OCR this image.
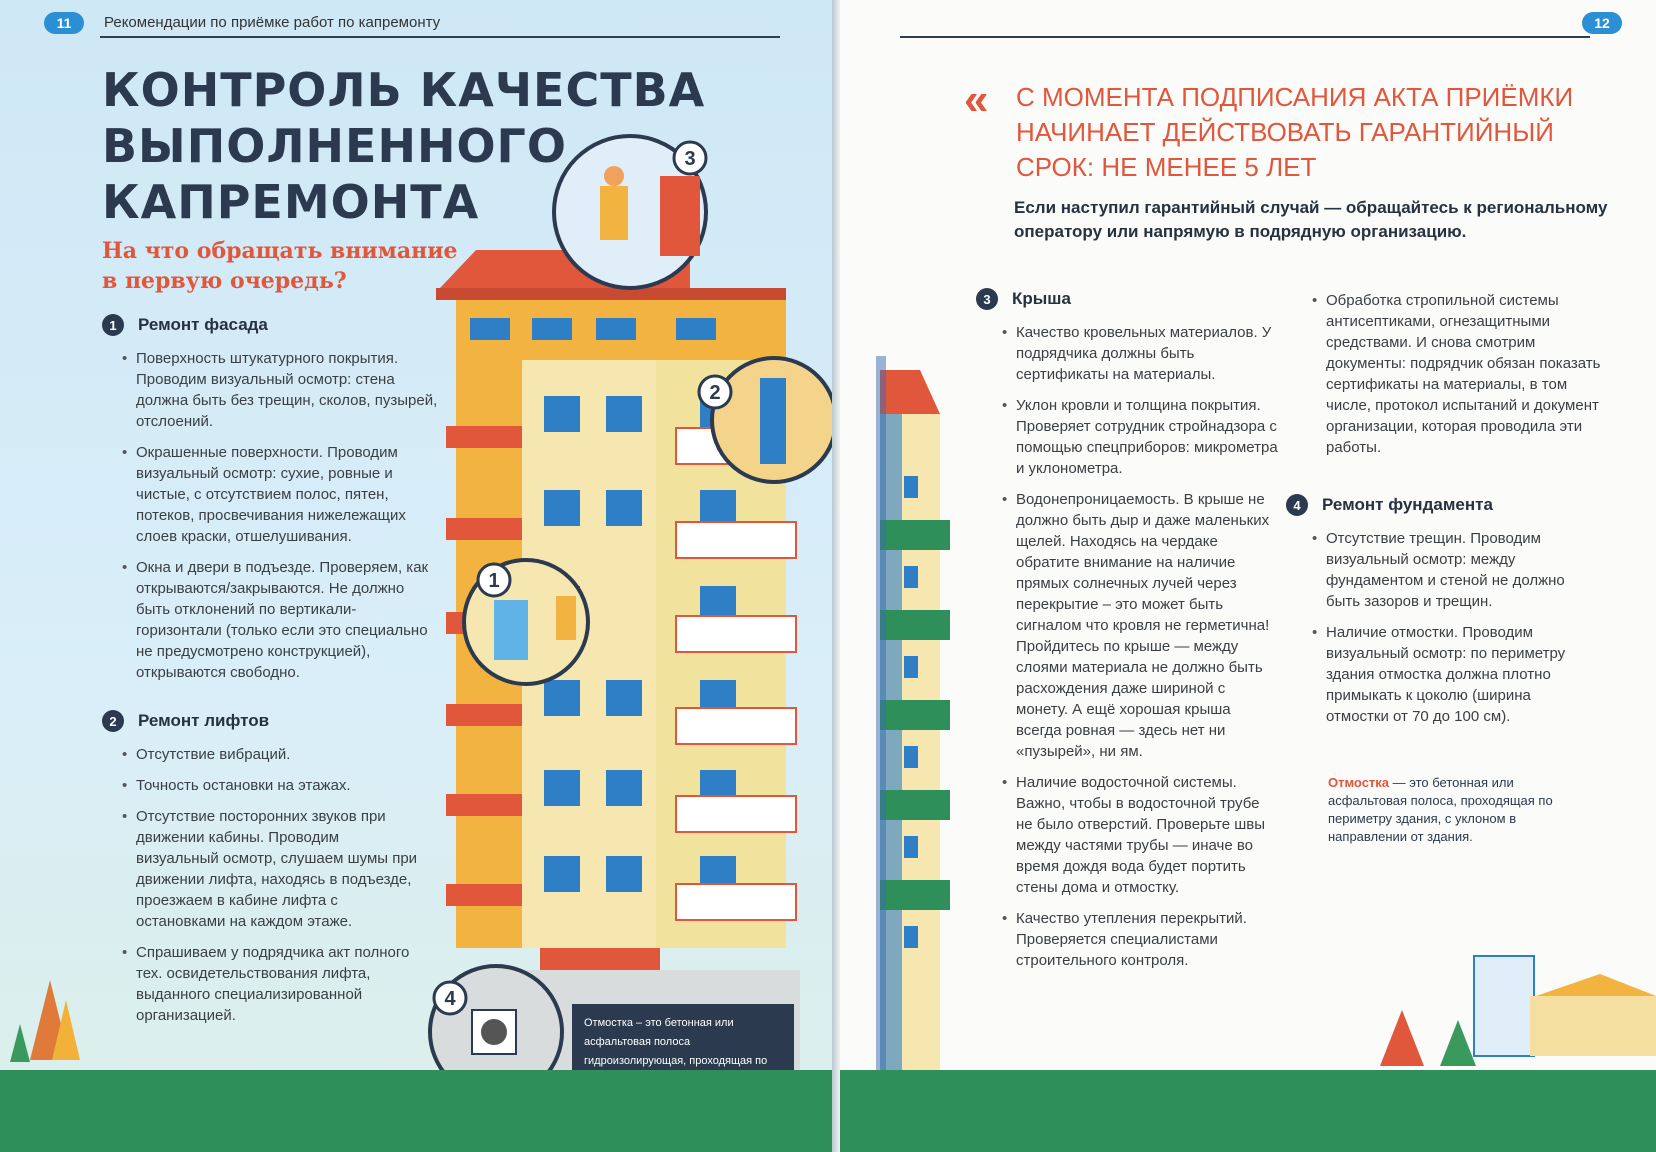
11	Рекомендации по приёмке работ по капремонту
3
2
1
4
КОНТРОЛЬ КАЧЕСТВА
ВЫПОЛНЕННОГО
КАПРЕМОНТА
На что обращать внимание
в первую очередь?
1	Ремонт фасада
• Поверхность штукатурного покрытия. Проводим визуальный осмотр: стена должна быть без трещин, сколов, пузырей, отслоений.
• Окрашенные поверхности. Проводим визуальный осмотр: сухие, ровные и чистые, с отсутствием полос, пятен, потеков, просвечивания нижележащих слоев краски, отшелушивания.
• Окна и двери в подъезде. Проверяем, как открываются/закрываются. Не должно быть отклонений по вертикали-горизонтали (только если это специально не предусмотрено конструкцией), открываются свободно.
2	Ремонт лифтов
• Отсутствие вибраций.
• Точность остановки на этажах.
• Отсутствие посторонних звуков при движении кабины. Проводим визуальный осмотр, слушаем шумы при движении лифта, находясь в подъезде, проезжаем в кабине лифта с остановками на каждом этаже.
• Спрашиваем у подрядчика акт полного тех. освидетельствования лифта, выданного специализированной организацией.	Отмостка – это бетонная или асфальтовая полоса гидроизолирующая, проходящая по
12
« С МОМЕНТА ПОДПИСАНИЯ АКТА ПРИЁМКИ
НАЧИНАЕТ ДЕЙСТВОВАТЬ ГАРАНТИЙНЫЙ
СРОК: НЕ МЕНЕЕ 5 ЛЕТ
Если наступил гарантийный случай — обращайтесь к региональному оператору или напрямую в подрядную организацию.
3	Крыша
• Качество кровельных материалов. У подрядчика должны быть сертификаты на материалы.
• Уклон кровли и толщина покрытия. Проверяет сотрудник стройнадзора с помощью спецприборов: микрометра и уклонометра.
• Водонепроницаемость. В крыше не должно быть дыр и даже маленьких щелей. Находясь на чердаке обратите внимание на наличие прямых солнечных лучей через перекрытие – это может быть сигналом что кровля не герметична! Пройдитесь по крыше — между слоями материала не должно быть расхождения даже шириной с монету. А ещё хорошая крыша всегда ровная — здесь нет ни «пузырей», ни ям.
• Наличие водосточной системы. Важно, чтобы в водосточной трубе не было отверстий. Проверьте швы между частями трубы — иначе во время дождя вода будет портить стены дома и отмостку.
• Качество утепления перекрытий. Проверяется специалистами строительного контроля.
• Обработка стропильной системы антисептиками, огнезащитными средствами. И снова смотрим документы: подрядчик обязан показать сертификаты на материалы, в том числе, протокол испытаний и документ организации, которая проводила эти работы.
4	Ремонт фундамента
• Отсутствие трещин. Проводим визуальный осмотр: между фундаментом и стеной не должно быть зазоров и трещин.
• Наличие отмостки. Проводим визуальный осмотр: по периметру здания отмостка должна плотно примыкать к цоколю (ширина отмостки от 70 до 100 см).
Отмостка — это бетонная или асфальтовая полоса, проходящая по периметру здания, с уклоном в направлении от здания.
